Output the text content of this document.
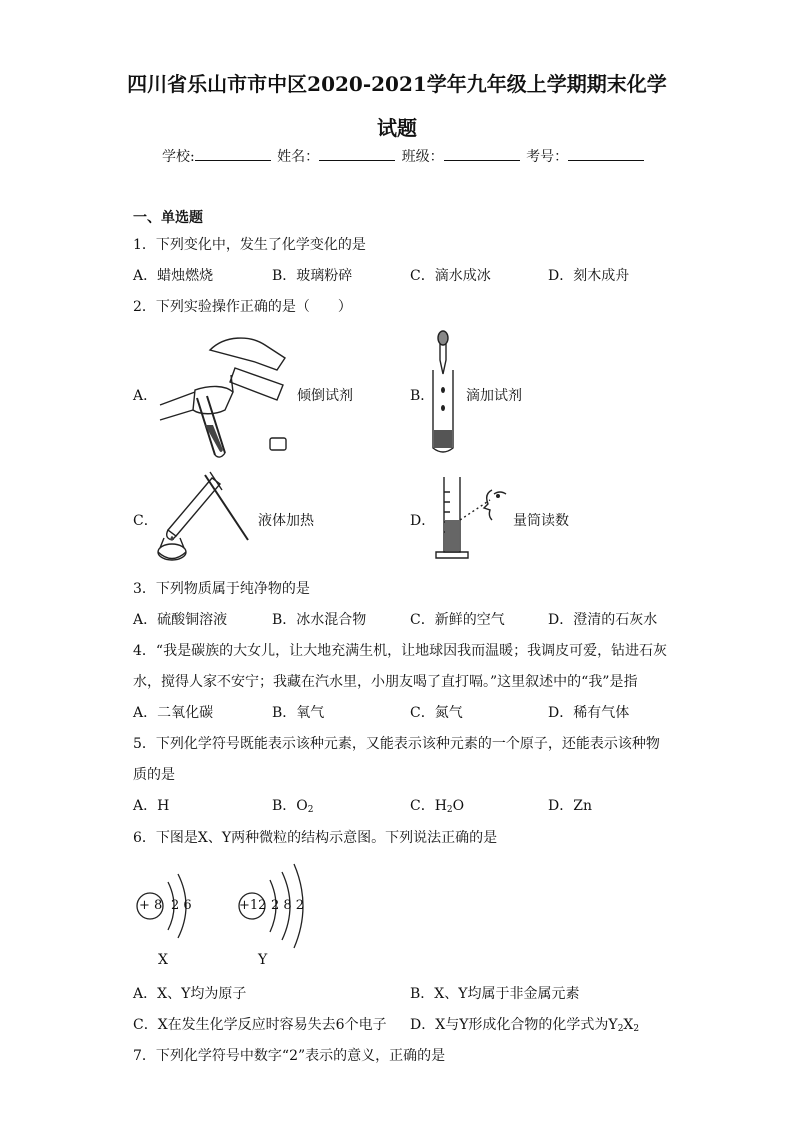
四川省乐山市市中区2020-2021学年九年级上学期期末化学
试题
学校:	姓名：	班级：	考号：
一、单选题
1．下列变化中，发生了化学变化的是
A．蜡烛燃烧	B．玻璃粉碎	C．滴水成冰	D．刻木成舟
2．下列实验操作正确的是（　　）
A．	倾倒试剂	B． 滴加试剂
C．	液体加热	D．	量筒读数
3．下列物质属于纯净物的是
A．硫酸铜溶液	B．冰水混合物	C．新鲜的空气	D．澄清的石灰水
4．“我是碳族的大女儿，让大地充满生机，让地球因我而温暖；我调皮可爱，钻进石灰
水，搅得人家不安宁；我藏在汽水里，小朋友喝了直打嗝。”这里叙述中的“我”是指
A．二氧化碳	B．氧气	C．氮气	D．稀有气体
5．下列化学符号既能表示该种元素，又能表示该种元素的一个原子，还能表示该种物
质的是
A．H	B．$O_2$	C．$H_2O$	D．Zn
6．下图是X、Y两种微粒的结构示意图。下列说法正确的是
+ 8 2 6	+12 2 8 2
X	Y
A．X、Y均为原子	B．X、Y均属于非金属元素
C．X在发生化学反应时容易失去6个电子 D．X与Y形成化合物的化学式为$Y_2X_2$
7．下列化学符号中数字“2”表示的意义，正确的是
